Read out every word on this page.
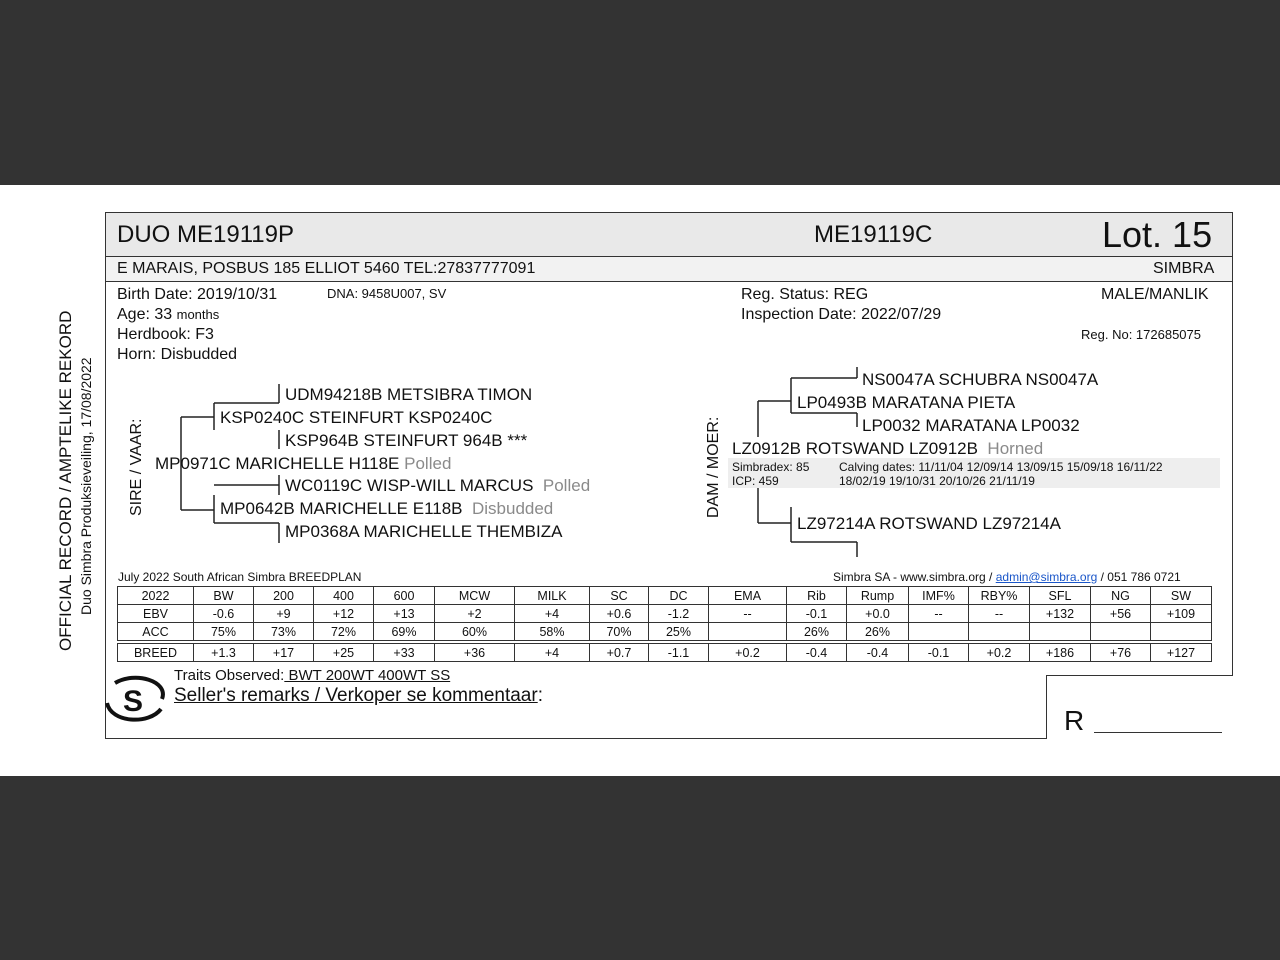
OFFICIAL RECORD / AMPTELIKE REKORD Duo Simbra Produksieveiling, 17/08/2022
DUO ME19119P	ME19119C	Lot. 15
E MARAIS, POSBUS 185 ELLIOT 5460 TEL:27837777091	SIMBRA
Birth Date: 2019/10/31	DNA: 9458U007, SV
Age: 33 months
Herdbook: F3
Horn: Disbudded
Reg. Status: REG
Inspection Date: 2022/07/29
MALE/MANLIK
Reg. No: 172685075
SIRE / VAAR:
UDM94218B METSIBRA TIMON
KSP0240C STEINFURT KSP0240C
KSP964B STEINFURT 964B ***
MP0971C MARICHELLE H118E Polled
WC0119C WISP-WILL MARCUS Polled
MP0642B MARICHELLE E118B Disbudded
MP0368A MARICHELLE THEMBIZA
DAM / MOER:
NS0047A SCHUBRA NS0047A
LP0493B MARATANA PIETA
LP0032 MARATANA LP0032
LZ0912B ROTSWAND LZ0912B Horned
Simbradex: 85
ICP: 459
Calving dates: 11/11/04 12/09/14 13/09/15 15/09/18 16/11/22
18/02/19 19/10/31 20/10/26 21/11/19
LZ97214A ROTSWAND LZ97214A
July 2022 South African Simbra BREEDPLAN	Simbra SA - www.simbra.org / admin@simbra.org / 051 786 0721
2022	BW	200	400	600	MCW	MILK	SC	DC	EMA	Rib	Rump	IMF%	RBY%	SFL	NG	SW
EBV	-0.6	+9	+12	+13	+2	+4	+0.6	-1.2	--	-0.1	+0.0	--	--	+132	+56	+109
ACC	75%	73%	72%	69%	60%	58%	70%	25%		26%	26%					

BREED	+1.3	+17	+25	+33	+36	+4	+0.7	-1.1	+0.2	-0.4	-0.4	-0.1	+0.2	+186	+76	+127
S
Traits Observed: BWT 200WT 400WT SS
Seller's remarks / Verkoper se kommentaar:
R
